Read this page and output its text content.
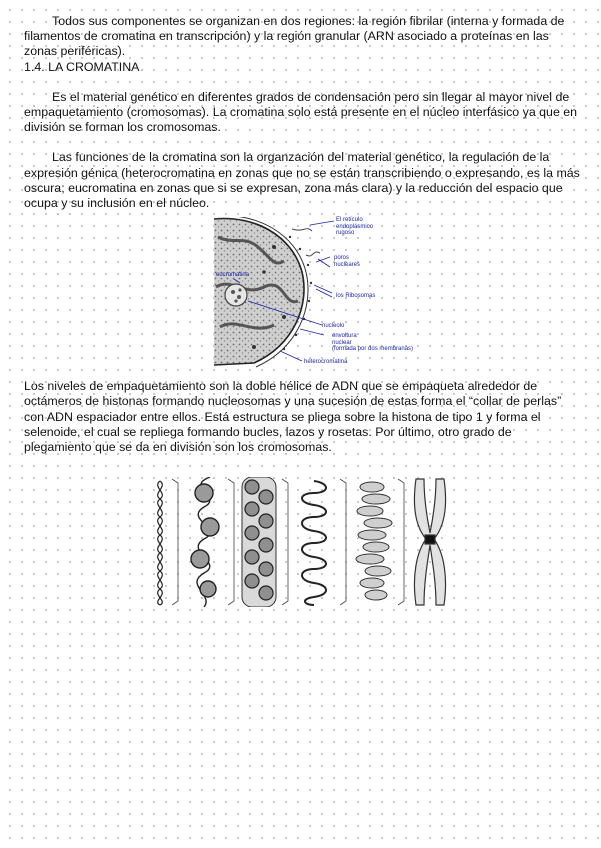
Todos sus componentes se organizan en dos regiones: la región fibrilar (interna y formada de filamentos de cromatina en transcripción) y la región granular (ARN asociado a proteínas en las zonas periféricas).

1.4. LA CROMATINA

Es el material genético en diferentes grados de condensación pero sin llegar al mayor nivel de empaquetamiento (cromosomas). La cromatina solo está presente en el núcleo interfásico ya que en división se forman los cromosomas.

Las funciones de la cromatina son la organzación del material genético, la regulación de la expresión génica (heterocromatina en zonas que no se están transcribiendo o expresando, es la más oscura; eucromatina en zonas que si se expresan, zona más clara) y la reducción del espacio que ocupa y su inclusión en el núcleo.

El retículo
endoplásmico
rugoso
poros
nucleares
eucromatina
los Ribosomas
nucleolo
envoltura
nuclear
(formada por dos membranas)
heterocromatina

Los niveles de empaquetamiento son la doble hélice de ADN que se empaqueta alrededor de octámeros de histonas formando nucleosomas y una sucesión de estas forma el “collar de perlas” con ADN espaciador entre ellos. Está estructura se pliega sobre la histona de tipo 1 y forma el selenoide, el cual se repliega formando bucles, lazos y rosetas. Por último, otro grado de plegamiento que se da en división son los cromosomas.
